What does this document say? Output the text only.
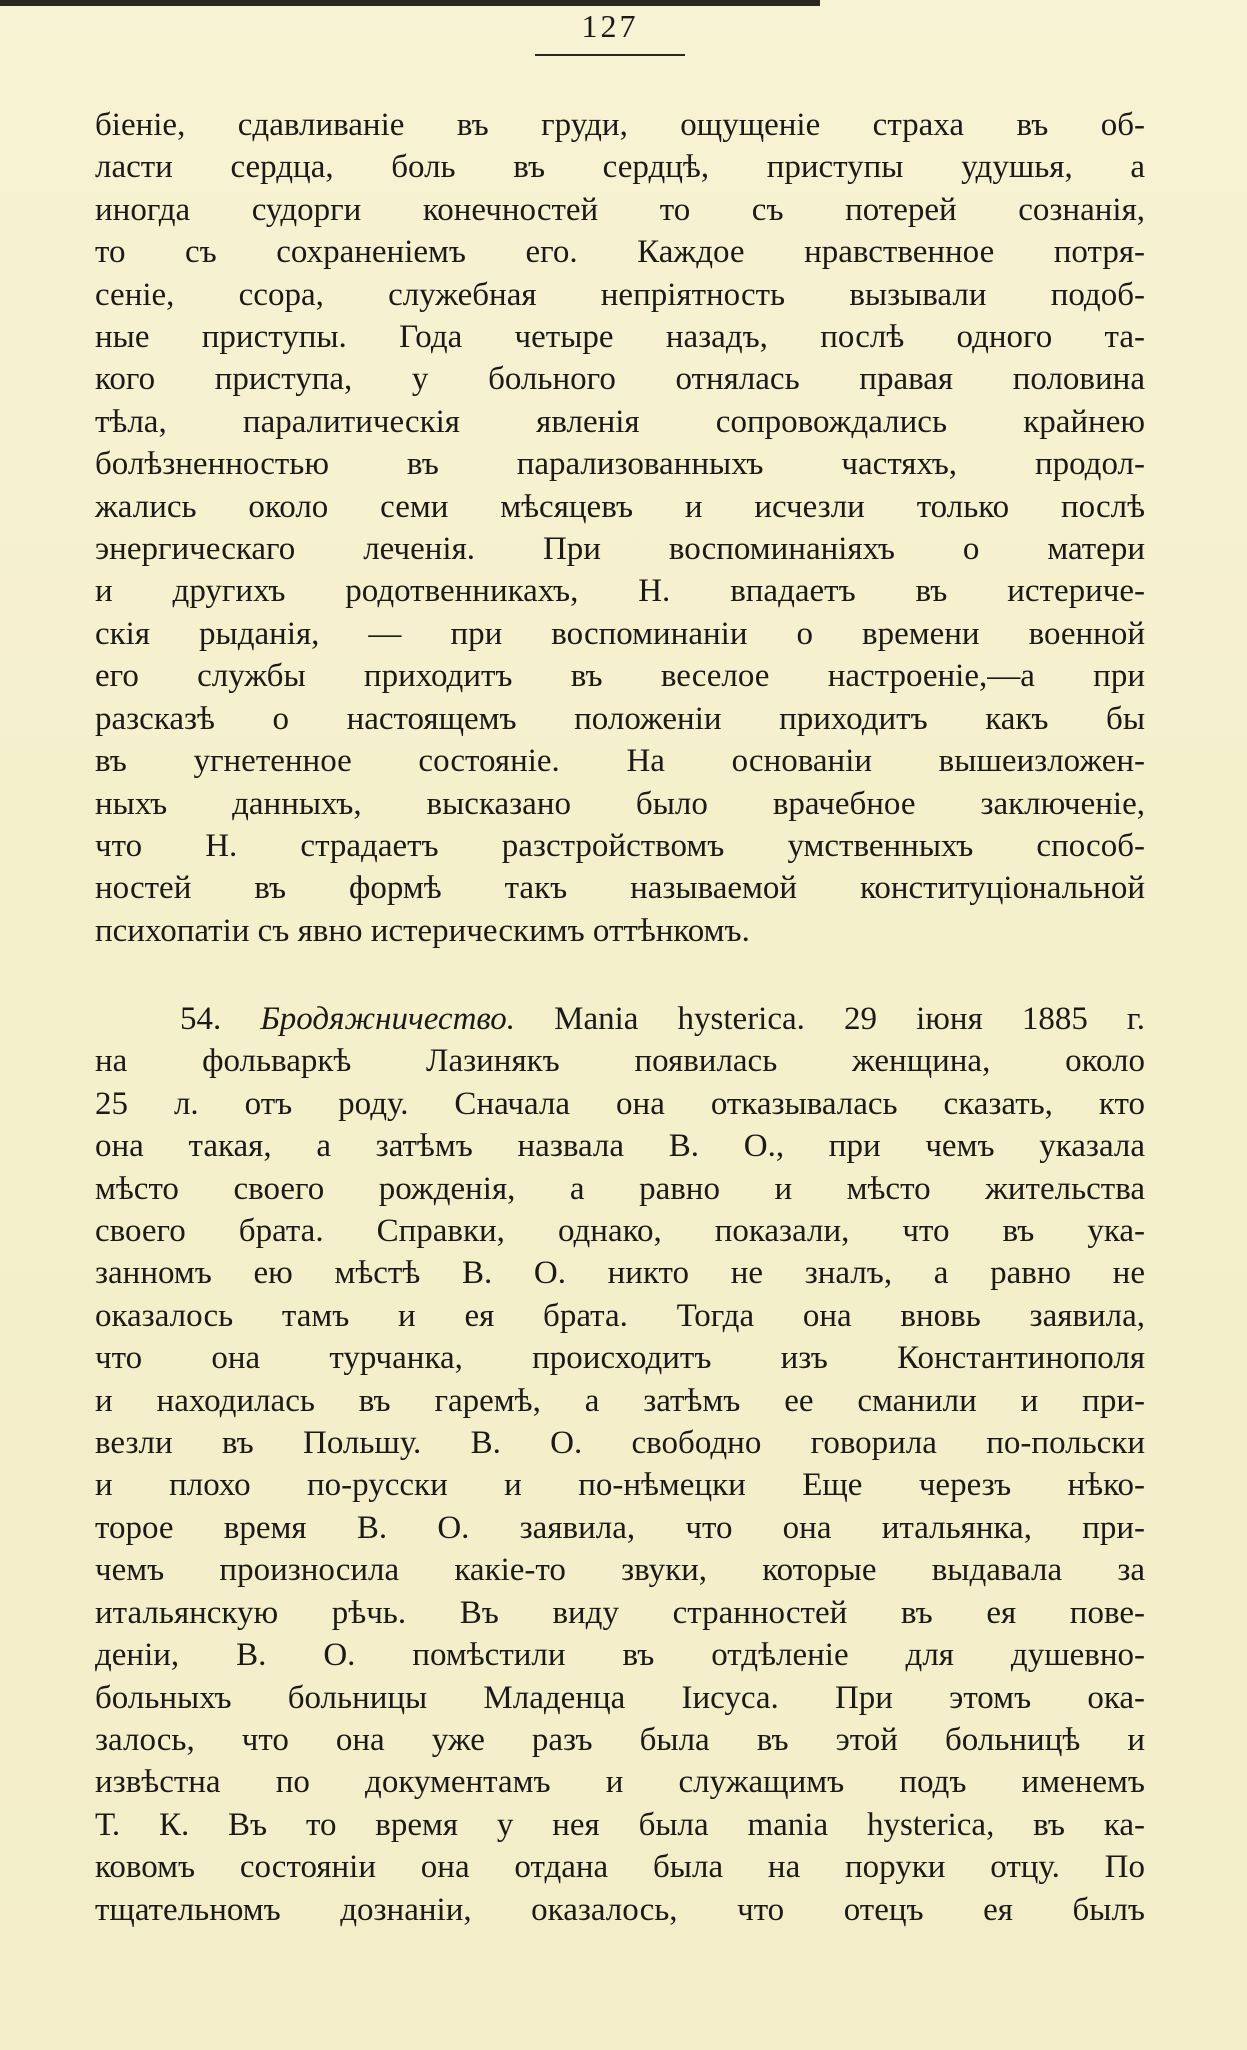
127
біеніе, сдавливаніе въ груди, ощущеніе страха въ об-
ласти сердца, боль въ сердцѣ, приступы удушья, а
иногда судорги конечностей то съ потерей сознанія,
то съ сохраненіемъ его. Каждое нравственное потря-
сеніе, ссора, служебная непріятность вызывали подоб-
ные приступы. Года четыре назадъ, послѣ одного та-
кого приступа, у больного отнялась правая половина
тѣла, паралитическія явленія сопровождались крайнею
болѣзненностью въ парализованныхъ частяхъ, продол-
жались около семи мѣсяцевъ и исчезли только послѣ
энергическаго леченія. При воспоминаніяхъ о матери
и другихъ родотвенникахъ, Н. впадаетъ въ истериче-
скія рыданія, — при воспоминаніи о времени военной
его службы приходитъ въ веселое настроеніе,—а при
разсказѣ о настоящемъ положеніи приходитъ какъ бы
въ угнетенное состояніе. На основаніи вышеизложен-
ныхъ данныхъ, высказано было врачебное заключеніе,
что Н. страдаетъ разстройствомъ умственныхъ способ-
ностей въ формѣ такъ называемой конституціональной
психопатіи съ явно истерическимъ оттѣнкомъ.
54. Бродяжничество. Mania hysterica. 29 іюня 1885 г.
на фольваркѣ Лазинякъ появилась женщина, около
25 л. отъ роду. Сначала она отказывалась сказать, кто
она такая, а затѣмъ назвала В. О., при чемъ указала
мѣсто своего рожденія, а равно и мѣсто жительства
своего брата. Справки, однако, показали, что въ ука-
занномъ ею мѣстѣ В. О. никто не зналъ, а равно не
оказалось тамъ и ея брата. Тогда она вновь заявила,
что она турчанка, происходитъ изъ Константинополя
и находилась въ гаремѣ, а затѣмъ ее сманили и при-
везли въ Польшу. В. О. свободно говорила по-польски
и плохо по-русски и по-нѣмецки Еще черезъ нѣко-
торое время В. О. заявила, что она итальянка, при-
чемъ произносила какіе-то звуки, которые выдавала за
итальянскую рѣчь. Въ виду странностей въ ея пове-
деніи, В. О. помѣстили въ отдѣленіе для душевно-
больныхъ больницы Младенца Іисуса. При этомъ ока-
залось, что она уже разъ была въ этой больницѣ и
извѣстна по документамъ и служащимъ подъ именемъ
Т. К. Въ то время у нея была mania hysterica, въ ка-
ковомъ состояніи она отдана была на поруки отцу. По
тщательномъ дознаніи, оказалось, что отецъ ея былъ
